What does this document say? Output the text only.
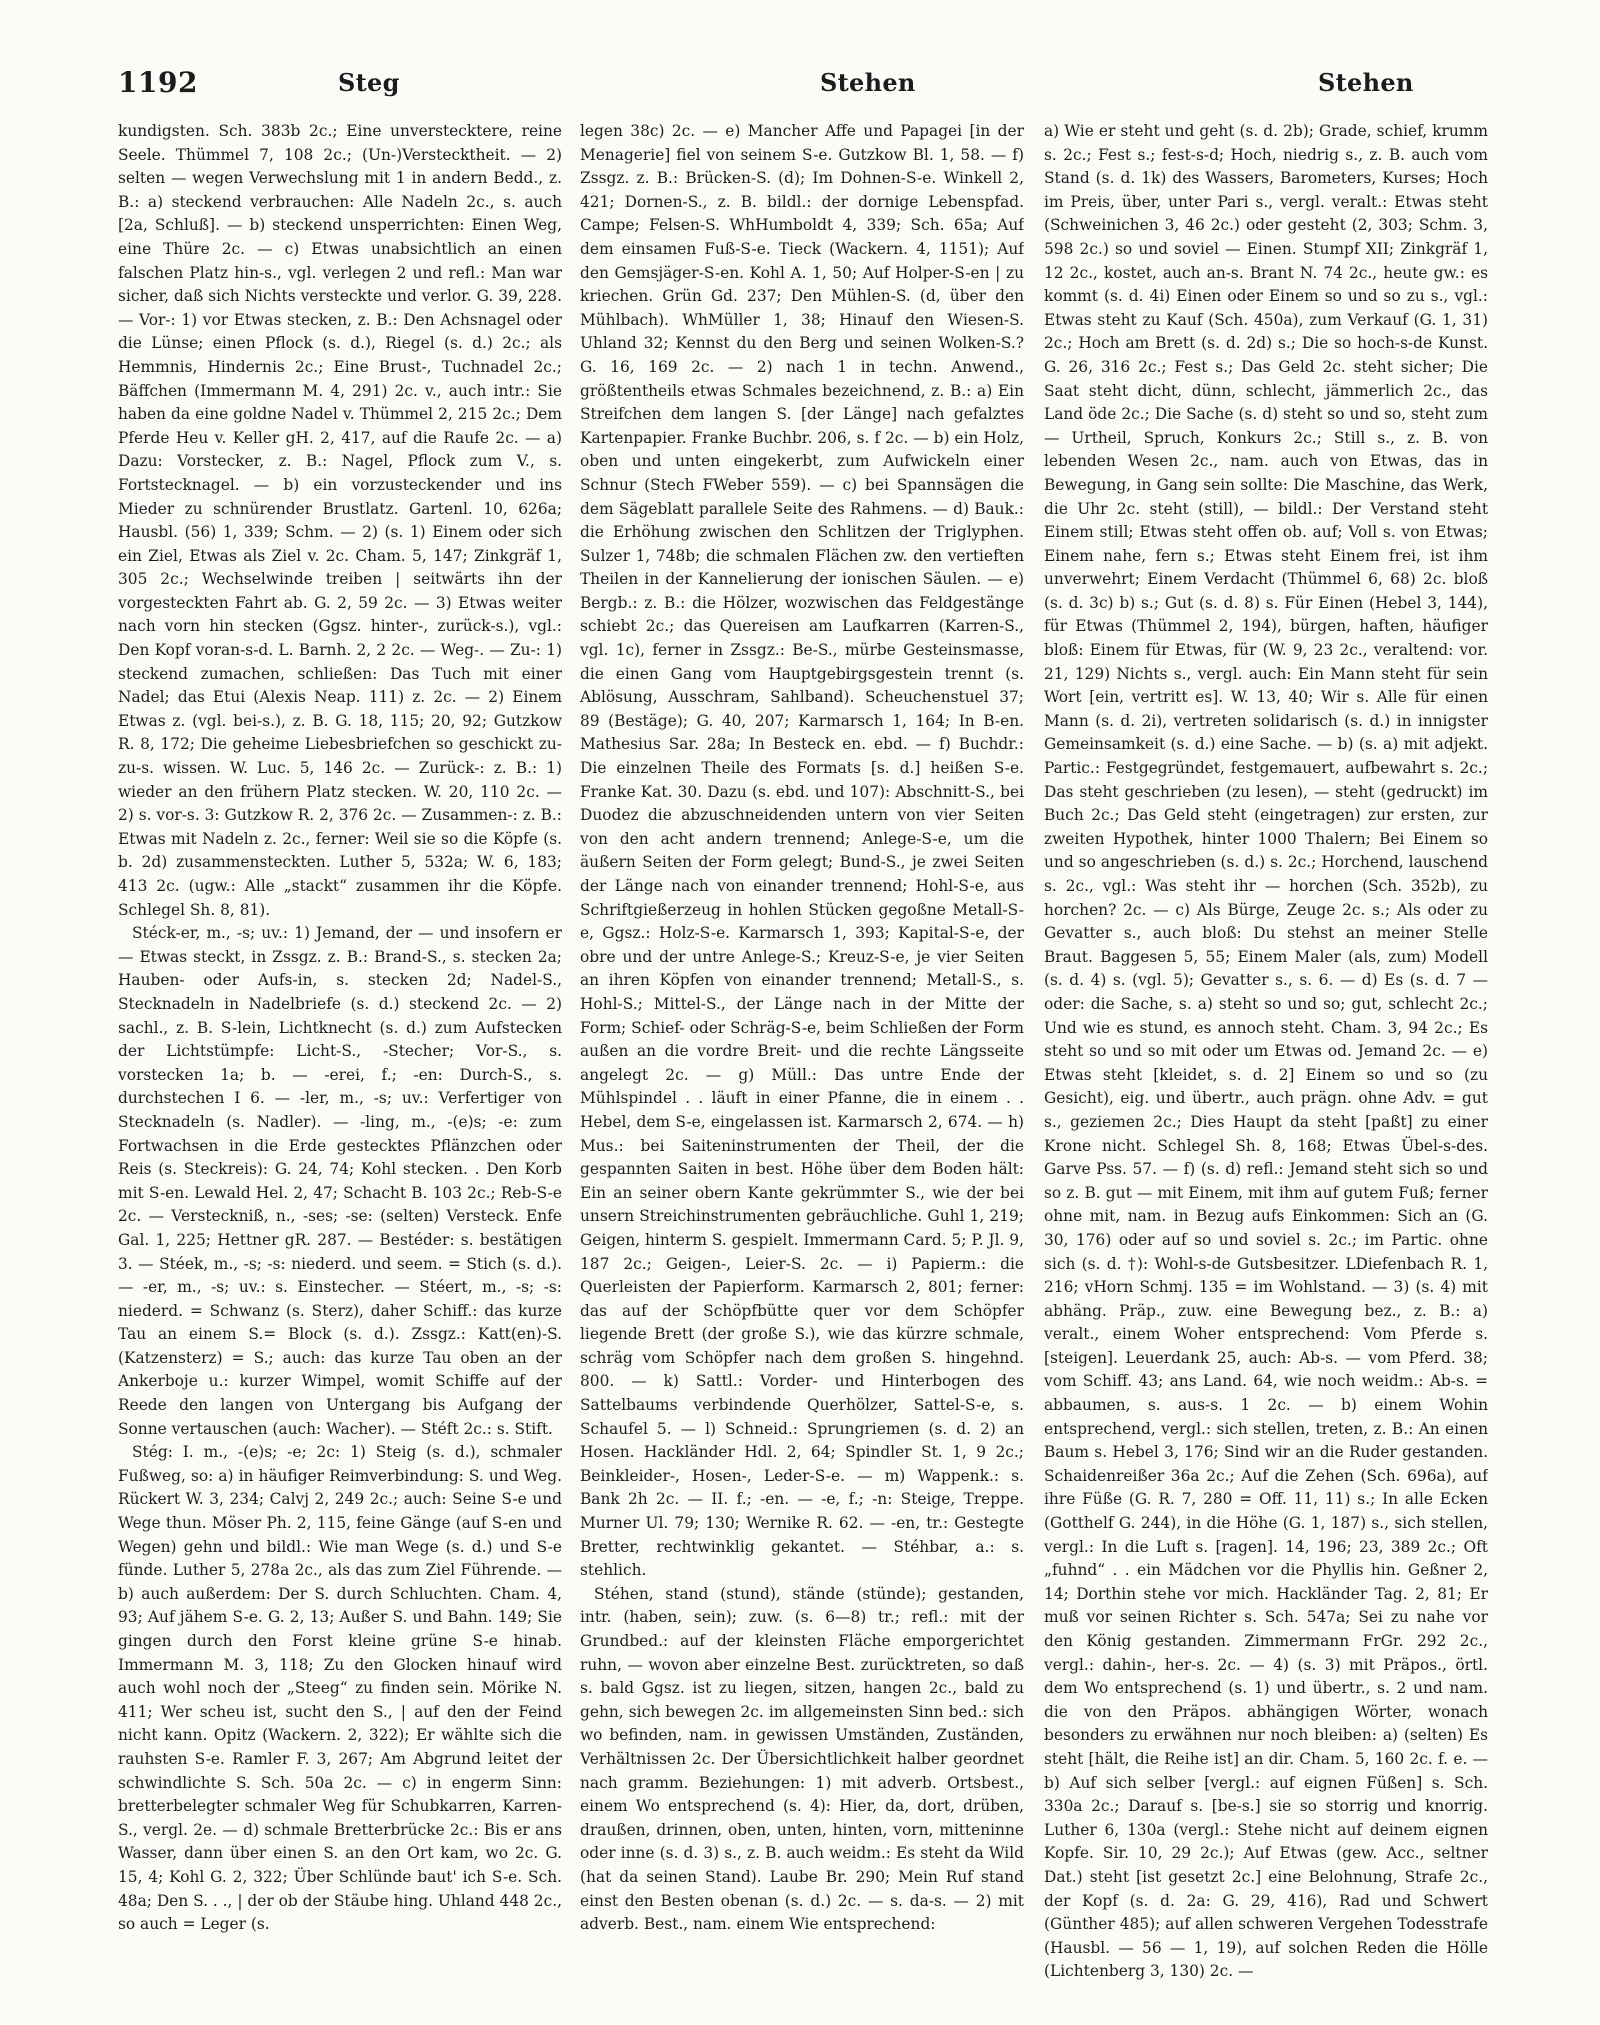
1192	Steg	Stehen	Stehen

kundigsten. Sch. 383b 2c.; Eine unverstecktere, reine Seele. Thümmel 7, 108 2c.; (Un-)Verstecktheit. — 2) selten — wegen Verwechslung mit 1 in andern Bedd., z. B.: a) steckend verbrauchen: Alle Nadeln 2c., s. auch [2a, Schluß]. — b) steckend unsperrichten: Einen Weg, eine Thüre 2c. — c) Etwas unabsichtlich an einen falschen Platz hin-s., vgl. verlegen 2 und refl.: Man war sicher, daß sich Nichts versteckte und verlor. G. 39, 228. — Vor-: 1) vor Etwas stecken, z. B.: Den Achsnagel oder die Lünse; einen Pflock (s. d.), Riegel (s. d.) 2c.; als Hemmnis, Hindernis 2c.; Eine Brust-, Tuchnadel 2c.; Bäffchen (Immermann M. 4, 291) 2c. v., auch intr.: Sie haben da eine goldne Nadel v. Thümmel 2, 215 2c.; Dem Pferde Heu v. Keller gH. 2, 417, auf die Raufe 2c. — a) Dazu: Vorstecker, z. B.: Nagel, Pflock zum V., s. Fortstecknagel. — b) ein vorzusteckender und ins Mieder zu schnürender Brustlatz. Gartenl. 10, 626a; Hausbl. (56) 1, 339; Schm. — 2) (s. 1) Einem oder sich ein Ziel, Etwas als Ziel v. 2c. Cham. 5, 147; Zinkgräf 1, 305 2c.; Wechselwinde treiben | seitwärts ihn der vorgesteckten Fahrt ab. G. 2, 59 2c. — 3) Etwas weiter nach vorn hin stecken (Ggsz. hinter-, zurück-s.), vgl.: Den Kopf voran-s-d. L. Barnh. 2, 2 2c. — Weg-. — Zu-: 1) steckend zumachen, schließen: Das Tuch mit einer Nadel; das Etui (Alexis Neap. 111) z. 2c. — 2) Einem Etwas z. (vgl. bei-s.), z. B. G. 18, 115; 20, 92; Gutzkow R. 8, 172; Die geheime Liebesbriefchen so geschickt zu-zu-s. wissen. W. Luc. 5, 146 2c. — Zurück-: z. B.: 1) wieder an den frühern Platz stecken. W. 20, 110 2c. — 2) s. vor-s. 3: Gutzkow R. 2, 376 2c. — Zusammen-: z. B.: Etwas mit Nadeln z. 2c., ferner: Weil sie so die Köpfe (s. b. 2d) zusammensteckten. Luther 5, 532a; W. 6, 183; 413 2c. (ugw.: Alle „stackt“ zusammen ihr die Köpfe. Schlegel Sh. 8, 81).

Stéck-er, m., -s; uv.: 1) Jemand, der — und insofern er — Etwas steckt, in Zssgz. z. B.: Brand-S., s. stecken 2a; Hauben- oder Aufs-in, s. stecken 2d; Nadel-S., Stecknadeln in Nadelbriefe (s. d.) steckend 2c. — 2) sachl., z. B. S-lein, Lichtknecht (s. d.) zum Aufstecken der Lichtstümpfe: Licht-S., -Stecher; Vor-S., s. vorstecken 1a; b. — -erei, f.; -en: Durch-S., s. durchstechen I 6. — -ler, m., -s; uv.: Verfertiger von Stecknadeln (s. Nadler). — -ling, m., -(e)s; -e: zum Fortwachsen in die Erde gestecktes Pflänzchen oder Reis (s. Steckreis): G. 24, 74; Kohl stecken. . Den Korb mit S-en. Lewald Hel. 2, 47; Schacht B. 103 2c.; Reb-S-e 2c. — Versteckniß, n., -ses; -se: (selten) Versteck. Enfe Gal. 1, 225; Hettner gR. 287. — Bestéder: s. bestätigen 3. — Stéek, m., -s; -s: niederd. und seem. = Stich (s. d.). — -er, m., -s; uv.: s. Einstecher. — Stéert, m., -s; -s: niederd. = Schwanz (s. Sterz), daher Schiff.: das kurze Tau an einem S.= Block (s. d.). Zssgz.: Katt(en)-S. (Katzensterz) = S.; auch: das kurze Tau oben an der Ankerboje u.: kurzer Wimpel, womit Schiffe auf der Reede den langen von Untergang bis Aufgang der Sonne vertauschen (auch: Wacher). — Stéft 2c.: s. Stift.

Stég: I. m., -(e)s; -e; 2c: 1) Steig (s. d.), schmaler Fußweg, so: a) in häufiger Reimverbindung: S. und Weg. Rückert W. 3, 234; Calvj 2, 249 2c.; auch: Seine S-e und Wege thun. Möser Ph. 2, 115, feine Gänge (auf S-en und Wegen) gehn und bildl.: Wie man Wege (s. d.) und S-e fünde. Luther 5, 278a 2c., als das zum Ziel Führende. — b) auch außerdem: Der S. durch Schluchten. Cham. 4, 93; Auf jähem S-e. G. 2, 13; Außer S. und Bahn. 149; Sie gingen durch den Forst kleine grüne S-e hinab. Immermann M. 3, 118; Zu den Glocken hinauf wird auch wohl noch der „Steeg“ zu finden sein. Mörike N. 411; Wer scheu ist, sucht den S., | auf den der Feind nicht kann. Opitz (Wackern. 2, 322); Er wählte sich die rauhsten S-e. Ramler F. 3, 267; Am Abgrund leitet der schwindlichte S. Sch. 50a 2c. — c) in engerm Sinn: bretterbelegter schmaler Weg für Schubkarren, Karren-S., vergl. 2e. — d) schmale Bretterbrücke 2c.: Bis er ans Wasser, dann über einen S. an den Ort kam, wo 2c. G. 15, 4; Kohl G. 2, 322; Über Schlünde baut' ich S-e. Sch. 48a; Den S. . ., | der ob der Stäube hing. Uhland 448 2c., so auch = Leger (s.

legen 38c) 2c. — e) Mancher Affe und Papagei [in der Menagerie] fiel von seinem S-e. Gutzkow Bl. 1, 58. — f) Zssgz. z. B.: Brücken-S. (d); Im Dohnen-S-e. Winkell 2, 421; Dornen-S., z. B. bildl.: der dornige Lebenspfad. Campe; Felsen-S. WhHumboldt 4, 339; Sch. 65a; Auf dem einsamen Fuß-S-e. Tieck (Wackern. 4, 1151); Auf den Gemsjäger-S-en. Kohl A. 1, 50; Auf Holper-S-en | zu kriechen. Grün Gd. 237; Den Mühlen-S. (d, über den Mühlbach). WhMüller 1, 38; Hinauf den Wiesen-S. Uhland 32; Kennst du den Berg und seinen Wolken-S.? G. 16, 169 2c. — 2) nach 1 in techn. Anwend., größtentheils etwas Schmales bezeichnend, z. B.: a) Ein Streifchen dem langen S. [der Länge] nach gefalztes Kartenpapier. Franke Buchbr. 206, s. f 2c. — b) ein Holz, oben und unten eingekerbt, zum Aufwickeln einer Schnur (Stech FWeber 559). — c) bei Spannsägen die dem Sägeblatt parallele Seite des Rahmens. — d) Bauk.: die Erhöhung zwischen den Schlitzen der Triglyphen. Sulzer 1, 748b; die schmalen Flächen zw. den vertieften Theilen in der Kannelierung der ionischen Säulen. — e) Bergb.: z. B.: die Hölzer, wozwischen das Feldgestänge schiebt 2c.; das Quereisen am Laufkarren (Karren-S., vgl. 1c), ferner in Zssgz.: Be-S., mürbe Gesteinsmasse, die einen Gang vom Hauptgebirgsgestein trennt (s. Ablösung, Ausschram, Sahlband). Scheuchenstuel 37; 89 (Bestäge); G. 40, 207; Karmarsch 1, 164; In B-en. Mathesius Sar. 28a; In Besteck en. ebd. — f) Buchdr.: Die einzelnen Theile des Formats [s. d.] heißen S-e. Franke Kat. 30. Dazu (s. ebd. und 107): Abschnitt-S., bei Duodez die abzuschneidenden untern von vier Seiten von den acht andern trennend; Anlege-S-e, um die äußern Seiten der Form gelegt; Bund-S., je zwei Seiten der Länge nach von einander trennend; Hohl-S-e, aus Schriftgießerzeug in hohlen Stücken gegoßne Metall-S-e, Ggsz.: Holz-S-e. Karmarsch 1, 393; Kapital-S-e, der obre und der untre Anlege-S.; Kreuz-S-e, je vier Seiten an ihren Köpfen von einander trennend; Metall-S., s. Hohl-S.; Mittel-S., der Länge nach in der Mitte der Form; Schief- oder Schräg-S-e, beim Schließen der Form außen an die vordre Breit- und die rechte Längsseite angelegt 2c. — g) Müll.: Das untre Ende der Mühlspindel . . läuft in einer Pfanne, die in einem . . Hebel, dem S-e, eingelassen ist. Karmarsch 2, 674. — h) Mus.: bei Saiteninstrumenten der Theil, der die gespannten Saiten in best. Höhe über dem Boden hält: Ein an seiner obern Kante gekrümmter S., wie der bei unsern Streichinstrumenten gebräuchliche. Guhl 1, 219; Geigen, hinterm S. gespielt. Immermann Card. 5; P. Jl. 9, 187 2c.; Geigen-, Leier-S. 2c. — i) Papierm.: die Querleisten der Papierform. Karmarsch 2, 801; ferner: das auf der Schöpfbütte quer vor dem Schöpfer liegende Brett (der große S.), wie das kürzre schmale, schräg vom Schöpfer nach dem großen S. hingehnd. 800. — k) Sattl.: Vorder- und Hinterbogen des Sattelbaums verbindende Querhölzer, Sattel-S-e, s. Schaufel 5. — l) Schneid.: Sprungriemen (s. d. 2) an Hosen. Hackländer Hdl. 2, 64; Spindler St. 1, 9 2c.; Beinkleider-, Hosen-, Leder-S-e. — m) Wappenk.: s. Bank 2h 2c. — II. f.; -en. — -e, f.; -n: Steige, Treppe. Murner Ul. 79; 130; Wernike R. 62. — -en, tr.: Gestegte Bretter, rechtwinklig gekantet. — Stéhbar, a.: s. stehlich.

Stéhen, stand (stund), stände (stünde); gestanden, intr. (haben, sein); zuw. (s. 6—8) tr.; refl.: mit der Grundbed.: auf der kleinsten Fläche emporgerichtet ruhn, — wovon aber einzelne Best. zurücktreten, so daß s. bald Ggsz. ist zu liegen, sitzen, hangen 2c., bald zu gehn, sich bewegen 2c. im allgemeinsten Sinn bed.: sich wo befinden, nam. in gewissen Umständen, Zuständen, Verhältnissen 2c. Der Übersichtlichkeit halber geordnet nach gramm. Beziehungen: 1) mit adverb. Ortsbest., einem Wo entsprechend (s. 4): Hier, da, dort, drüben, draußen, drinnen, oben, unten, hinten, vorn, mitteninne oder inne (s. d. 3) s., z. B. auch weidm.: Es steht da Wild (hat da seinen Stand). Laube Br. 290; Mein Ruf stand einst den Besten obenan (s. d.) 2c. — s. da-s. — 2) mit adverb. Best., nam. einem Wie entsprechend:

a) Wie er steht und geht (s. d. 2b); Grade, schief, krumm s. 2c.; Fest s.; fest-s-d; Hoch, niedrig s., z. B. auch vom Stand (s. d. 1k) des Wassers, Barometers, Kurses; Hoch im Preis, über, unter Pari s., vergl. veralt.: Etwas steht (Schweinichen 3, 46 2c.) oder gesteht (2, 303; Schm. 3, 598 2c.) so und soviel — Einen. Stumpf XII; Zinkgräf 1, 12 2c., kostet, auch an-s. Brant N. 74 2c., heute gw.: es kommt (s. d. 4i) Einen oder Einem so und so zu s., vgl.: Etwas steht zu Kauf (Sch. 450a), zum Verkauf (G. 1, 31) 2c.; Hoch am Brett (s. d. 2d) s.; Die so hoch-s-de Kunst. G. 26, 316 2c.; Fest s.; Das Geld 2c. steht sicher; Die Saat steht dicht, dünn, schlecht, jämmerlich 2c., das Land öde 2c.; Die Sache (s. d) steht so und so, steht zum — Urtheil, Spruch, Konkurs 2c.; Still s., z. B. von lebenden Wesen 2c., nam. auch von Etwas, das in Bewegung, in Gang sein sollte: Die Maschine, das Werk, die Uhr 2c. steht (still), — bildl.: Der Verstand steht Einem still; Etwas steht offen ob. auf; Voll s. von Etwas; Einem nahe, fern s.; Etwas steht Einem frei, ist ihm unverwehrt; Einem Verdacht (Thümmel 6, 68) 2c. bloß (s. d. 3c) b) s.; Gut (s. d. 8) s. Für Einen (Hebel 3, 144), für Etwas (Thümmel 2, 194), bürgen, haften, häufiger bloß: Einem für Etwas, für (W. 9, 23 2c., veraltend: vor. 21, 129) Nichts s., vergl. auch: Ein Mann steht für sein Wort [ein, vertritt es]. W. 13, 40; Wir s. Alle für einen Mann (s. d. 2i), vertreten solidarisch (s. d.) in innigster Gemeinsamkeit (s. d.) eine Sache. — b) (s. a) mit adjekt. Partic.: Festgegründet, festgemauert, aufbewahrt s. 2c.; Das steht geschrieben (zu lesen), — steht (gedruckt) im Buch 2c.; Das Geld steht (eingetragen) zur ersten, zur zweiten Hypothek, hinter 1000 Thalern; Bei Einem so und so angeschrieben (s. d.) s. 2c.; Horchend, lauschend s. 2c., vgl.: Was steht ihr — horchen (Sch. 352b), zu horchen? 2c. — c) Als Bürge, Zeuge 2c. s.; Als oder zu Gevatter s., auch bloß: Du stehst an meiner Stelle Braut. Baggesen 5, 55; Einem Maler (als, zum) Modell (s. d. 4) s. (vgl. 5); Gevatter s., s. 6. — d) Es (s. d. 7 — oder: die Sache, s. a) steht so und so; gut, schlecht 2c.; Und wie es stund, es annoch steht. Cham. 3, 94 2c.; Es steht so und so mit oder um Etwas od. Jemand 2c. — e) Etwas steht [kleidet, s. d. 2] Einem so und so (zu Gesicht), eig. und übertr., auch prägn. ohne Adv. = gut s., geziemen 2c.; Dies Haupt da steht [paßt] zu einer Krone nicht. Schlegel Sh. 8, 168; Etwas Übel-s-des. Garve Pss. 57. — f) (s. d) refl.: Jemand steht sich so und so z. B. gut — mit Einem, mit ihm auf gutem Fuß; ferner ohne mit, nam. in Bezug aufs Einkommen: Sich an (G. 30, 176) oder auf so und soviel s. 2c.; im Partic. ohne sich (s. d. †): Wohl-s-de Gutsbesitzer. LDiefenbach R. 1, 216; vHorn Schmj. 135 = im Wohlstand. — 3) (s. 4) mit abhäng. Präp., zuw. eine Bewegung bez., z. B.: a) veralt., einem Woher entsprechend: Vom Pferde s. [steigen]. Leuerdank 25, auch: Ab-s. — vom Pferd. 38; vom Schiff. 43; ans Land. 64, wie noch weidm.: Ab-s. = abbaumen, s. aus-s. 1 2c. — b) einem Wohin entsprechend, vergl.: sich stellen, treten, z. B.: An einen Baum s. Hebel 3, 176; Sind wir an die Ruder gestanden. Schaidenreißer 36a 2c.; Auf die Zehen (Sch. 696a), auf ihre Füße (G. R. 7, 280 = Off. 11, 11) s.; In alle Ecken (Gotthelf G. 244), in die Höhe (G. 1, 187) s., sich stellen, vergl.: In die Luft s. [ragen]. 14, 196; 23, 389 2c.; Oft „fuhnd“ . . ein Mädchen vor die Phyllis hin. Geßner 2, 14; Dorthin stehe vor mich. Hackländer Tag. 2, 81; Er muß vor seinen Richter s. Sch. 547a; Sei zu nahe vor den König gestanden. Zimmermann FrGr. 292 2c., vergl.: dahin-, her-s. 2c. — 4) (s. 3) mit Präpos., örtl. dem Wo entsprechend (s. 1) und übertr., s. 2 und nam. die von den Präpos. abhängigen Wörter, wonach besonders zu erwähnen nur noch bleiben: a) (selten) Es steht [hält, die Reihe ist] an dir. Cham. 5, 160 2c. f. e. — b) Auf sich selber [vergl.: auf eignen Füßen] s. Sch. 330a 2c.; Darauf s. [be-s.] sie so storrig und knorrig. Luther 6, 130a (vergl.: Stehe nicht auf deinem eignen Kopfe. Sir. 10, 29 2c.); Auf Etwas (gew. Acc., seltner Dat.) steht [ist gesetzt 2c.] eine Belohnung, Strafe 2c., der Kopf (s. d. 2a: G. 29, 416), Rad und Schwert (Günther 485); auf allen schweren Vergehen Todesstrafe (Hausbl. — 56 — 1, 19), auf solchen Reden die Hölle (Lichtenberg 3, 130) 2c. —
